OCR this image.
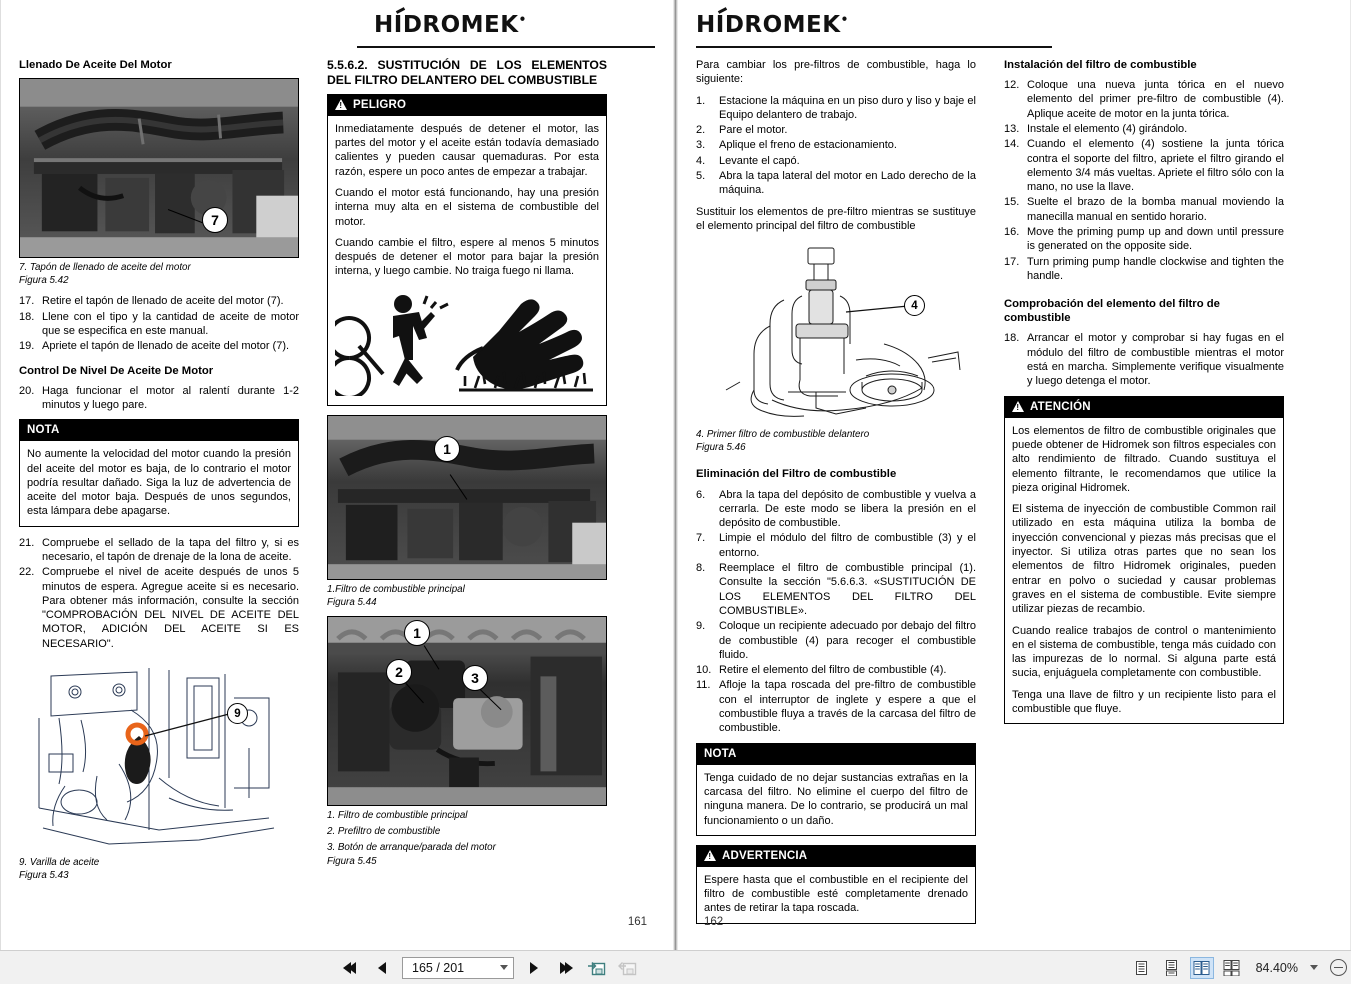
HIDROMEK•
Llenado De Aceite Del Motor
7
7. Tapón de llenado de aceite del motor
Figura 5.42
17. Retire el tapón de llenado de aceite del motor (7).
18. Llene con el tipo y la cantidad de aceite de motor que se especifica en este manual.
19. Apriete el tapón de llenado de aceite del motor (7).
Control De Nivel De Aceite De Motor
20. Haga funcionar el motor al ralentí durante 1-2 minutos y luego pare.
NOTA

No aumente la velocidad del motor cuando la presión del aceite del motor es baja, de lo contrario el motor podría resultar dañado. Siga la luz de advertencia de aceite del motor baja. Después de unos segundos, esta lámpara debe apagarse.

21. Compruebe el sellado de la tapa del filtro y, si es necesario, el tapón de drenaje de la lona de aceite.
22. Compruebe el nivel de aceite después de unos 5 minutos de espera. Agregue aceite si es necesario. Para obtener más información, consulte la sección "COMPROBACIÓN DEL NIVEL DE ACEITE DEL MOTOR, ADICIÓN DEL ACEITE SI ES NECESARIO".
9
9. Varilla de aceite
Figura 5.43
5.5.6.2. SUSTITUCIÓN DE LOS ELEMENTOS DEL FILTRO DELANTERO DEL COMBUSTIBLE
!
PELIGRO

Inmediatamente después de detener el motor, las partes del motor y el aceite están todavía demasiado calientes y pueden causar quemaduras. Por esta razón, espere un poco antes de empezar a trabajar.

Cuando el motor está funcionando, hay una presión interna muy alta en el sistema de combustible del motor.

Cuando cambie el filtro, espere al menos 5 minutos después de detener el motor para bajar la presión interna, y luego cambie. No traiga fuego ni llama.

1
1.Filtro de combustible principal
Figura 5.44
1
2	3
1. Filtro de combustible principal
2. Prefiltro de combustible
3. Botón de arranque/parada del motor
Figura 5.45
161
HIDROMEK•

Para cambiar los pre-filtros de combustible, haga lo siguiente:

1.	Estacione la máquina en un piso duro y liso y baje el Equipo delantero de trabajo.
2.	Pare el motor.
3.	Aplique el freno de estacionamiento.
4.	Levante el capó.
5.	Abra la tapa lateral del motor en Lado derecho de la máquina.

Sustituir los elementos de pre-filtro mientras se sustituye el elemento principal del filtro de combustible

4
4. Primer filtro de combustible delantero
Figura 5.46
Eliminación del Filtro de combustible
6.	Abra la tapa del depósito de combustible y vuelva a cerrarla. De este modo se libera la presión en el depósito de combustible.
7.	Limpie el módulo del filtro de combustible (3) y el entorno.
8.	Reemplace el filtro de combustible principal (1). Consulte la sección "5.6.6.3. «SUSTITUCIÓN DE LOS ELEMENTOS DEL FILTRO DEL COMBUSTIBLE».
9.	Coloque un recipiente adecuado por debajo del filtro de combustible (4) para recoger el combustible fluido.
10. Retire el elemento del filtro de combustible (4).
11. Afloje la tapa roscada del pre-filtro de combustible con el interruptor de inglete y espere a que el combustible fluya a través de la carcasa del filtro de combustible.
NOTA

Tenga cuidado de no dejar sustancias extrañas en la carcasa del filtro. No elimine el cuerpo del filtro de ninguna manera. De lo contrario, se producirá un mal funcionamiento o un daño.

!
ADVERTENCIA

Espere hasta que el combustible en el recipiente del filtro de combustible esté completamente drenado antes de retirar la tapa roscada.

Instalación del filtro de combustible
12. Coloque una nueva junta tórica en el nuevo elemento del primer pre-filtro de combustible (4). Aplique aceite de motor en la junta tórica.
13. Instale el elemento (4) girándolo.
14. Cuando el elemento (4) sostiene la junta tórica contra el soporte del filtro, apriete el filtro girando el elemento 3/4 más vueltas. Apriete el filtro sólo con la mano, no use la llave.
15. Suelte el brazo de la bomba manual moviendo la manecilla manual en sentido horario.
16. Move the priming pump up and down until pressure is generated on the opposite side.
17. Turn priming pump handle clockwise and tighten the handle.
Comprobación del elemento del filtro de combustible
18. Arrancar el motor y comprobar si hay fugas en el módulo del filtro de combustible mientras el motor está en marcha. Simplemente verifique visualmente y luego detenga el motor.
!
ATENCIÓN

Los elementos de filtro de combustible originales que puede obtener de Hidromek son filtros especiales con alto rendimiento de filtrado. Cuando sustituya el elemento filtrante, le recomendamos que utilice la pieza original Hidromek.

El sistema de inyección de combustible Common rail utilizado en esta máquina utiliza la bomba de inyección convencional y piezas más precisas que el inyector. Si utiliza otras partes que no sean los elementos de filtro Hidromek originales, pueden entrar en polvo o suciedad y causar problemas graves en el sistema de combustible. Evite siempre utilizar piezas de recambio.

Cuando realice trabajos de control o mantenimiento en el sistema de combustible, tenga más cuidado con las impurezas de lo normal. Si alguna parte está sucia, enjuáguela completamente con combustible.

Tenga una llave de filtro y un recipiente listo para el combustible que fluye.

162
165 / 201	84.40%
